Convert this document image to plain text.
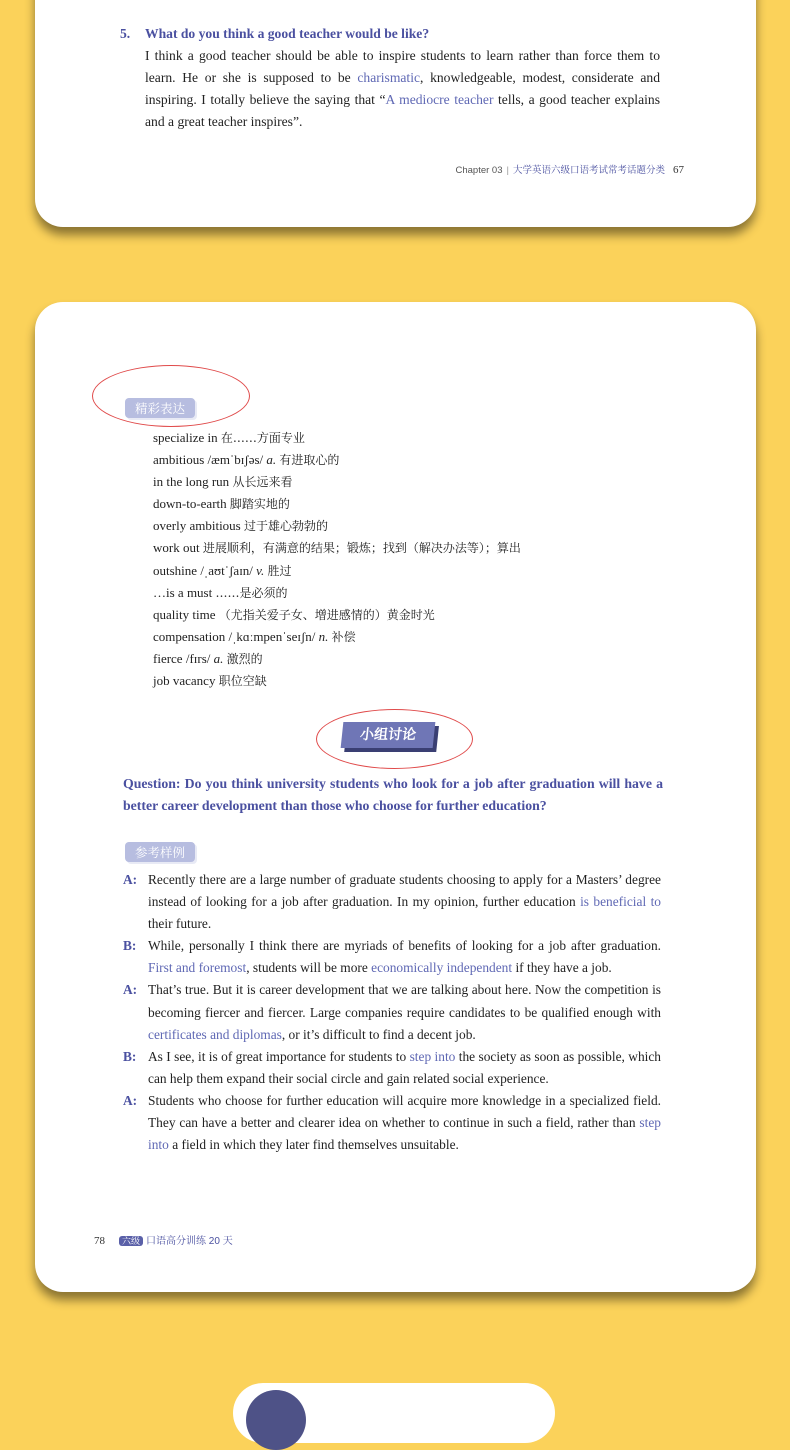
5. What do you think a good teacher would be like?
I think a good teacher should be able to inspire students to learn rather than force them to learn. He or she is supposed to be charismatic, knowledgeable, modest, considerate and inspiring. I totally believe the saying that “A mediocre teacher tells, a good teacher explains and a great teacher inspires”.
Chapter 03 | 大学英语六级口语考试常考话题分类 67
精彩表达
specialize in 在……方面专业
ambitious /æmˈbɪʃəs/ a. 有进取心的
in the long run 从长远来看
down-to-earth 脚踏实地的
overly ambitious 过于雄心勃勃的
work out 进展顺利，有满意的结果；锻炼；找到（解决办法等）；算出
outshine /ˌaʊtˈʃaɪn/ v. 胜过
…is a must ……是必须的
quality time （尤指关爱子女、增进感情的）黄金时光
compensation /ˌkɑːmpenˈseɪʃn/ n. 补偿
fierce /fɪrs/ a. 激烈的
job vacancy 职位空缺
小组讨论
Question: Do you think university students who look for a job after graduation will have a better career development than those who choose for further education?
参考样例
A: Recently there are a large number of graduate students choosing to apply for a Masters’ degree instead of looking for a job after graduation. In my opinion, further education is beneficial to their future.
B: While, personally I think there are myriads of benefits of looking for a job after graduation. First and foremost, students will be more economically independent if they have a job.
A: That’s true. But it is career development that we are talking about here. Now the competition is becoming fiercer and fiercer. Large companies require candidates to be qualified enough with certificates and diplomas, or it’s difficult to find a decent job.
B: As I see, it is of great importance for students to step into the society as soon as possible, which can help them expand their social circle and gain related social experience.
A: Students who choose for further education will acquire more knowledge in a specialized field. They can have a better and clearer idea on whether to continue in such a field, rather than step into a field in which they later find themselves unsuitable.
78 六级 口语高分训练 20 天
